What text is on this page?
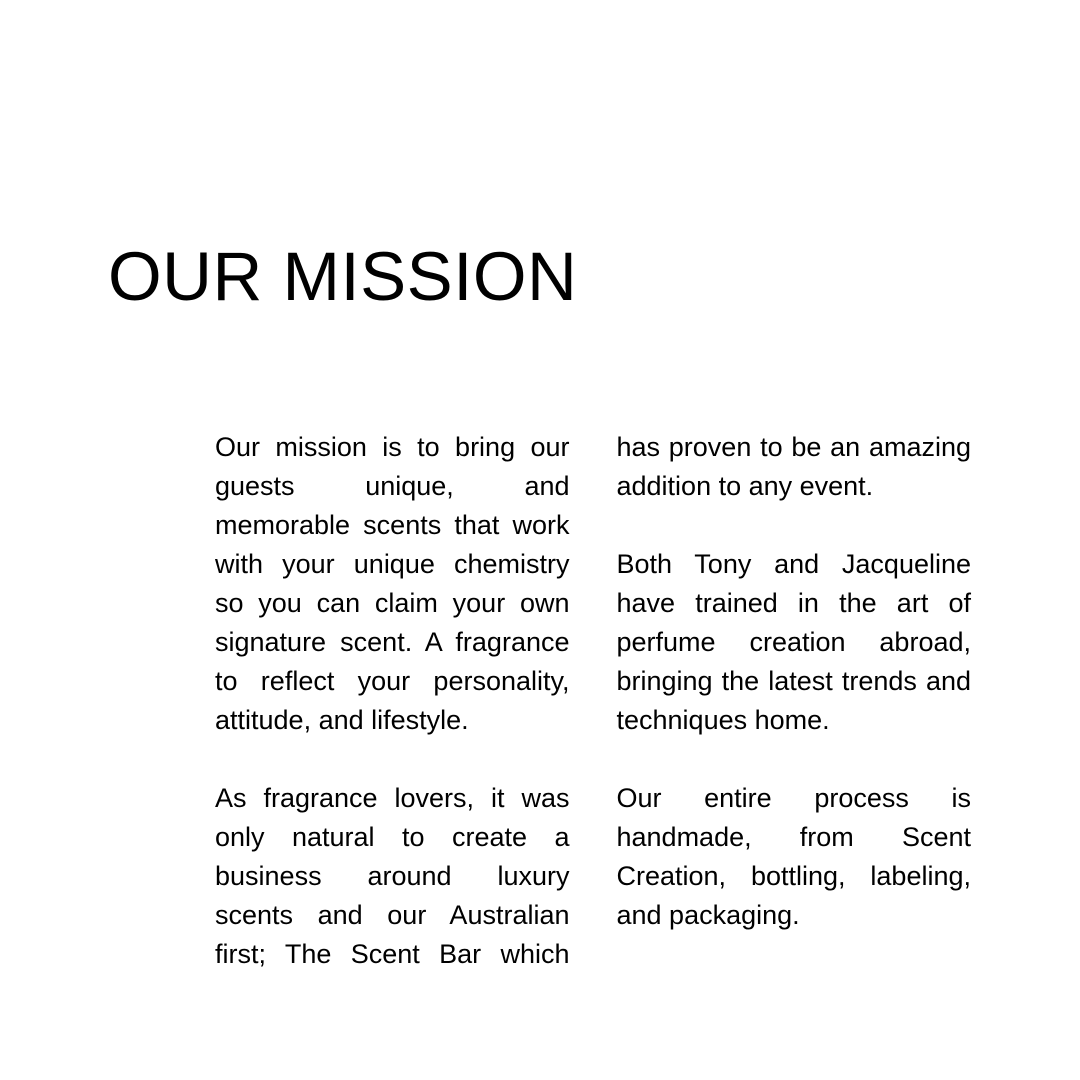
OUR MISSION

Our mission is to bring our guests unique, and memorable scents that work with your unique chemistry so you can claim your own signature scent. A fragrance to reflect your personality, attitude, and lifestyle.

As fragrance lovers, it was only natural to create a business around luxury scents and our Australian first; The Scent Bar which has proven to be an amazing addition to any event.

Both Tony and Jacqueline have trained in the art of perfume creation abroad, bringing the latest trends and techniques home.

Our entire process is handmade, from Scent Creation, bottling, labeling, and packaging.
